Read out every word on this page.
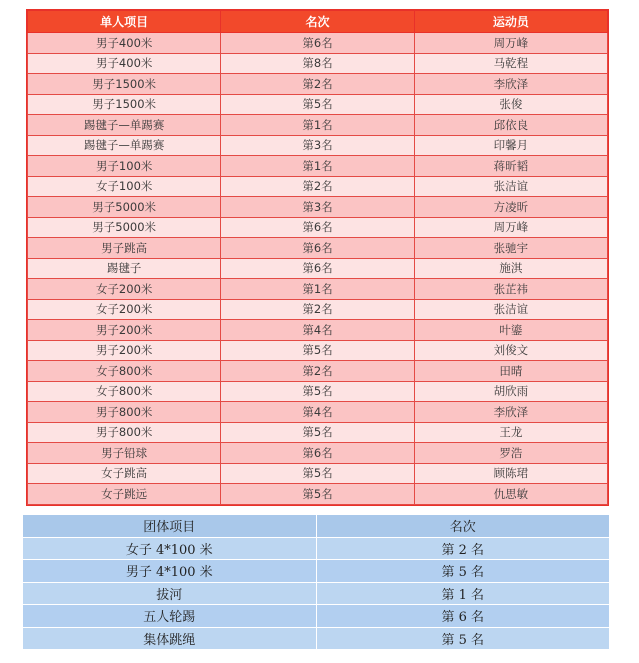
单人项目	名次	运动员
男子400米	第6名	周万峰
男子400米	第8名	马乾程
男子1500米	第2名	李欣泽
男子1500米	第5名	张俊
踢毽子—单踢赛	第1名	邱依良
踢毽子—单踢赛	第3名	印馨月
男子100米	第1名	蒋昕韬
女子100米	第2名	张洁谊
男子5000米	第3名	方凌昕
男子5000米	第6名	周万峰
男子跳高	第6名	张驰宇
踢毽子	第6名	施淇
女子200米	第1名	张芷祎
女子200米	第2名	张洁谊
男子200米	第4名	叶鎏
男子200米	第5名	刘俊文
女子800米	第2名	田晴
女子800米	第5名	胡欣雨
男子800米	第4名	李欣泽
男子800米	第5名	王龙
男子铅球	第6名	罗浩
女子跳高	第5名	顾陈珺
女子跳远	第5名	仇思敏
团体项目	名次
女子 4*100 米	第 2 名
男子 4*100 米	第 5 名
拔河	第 1 名
五人轮踢	第 6 名
集体跳绳	第 5 名
